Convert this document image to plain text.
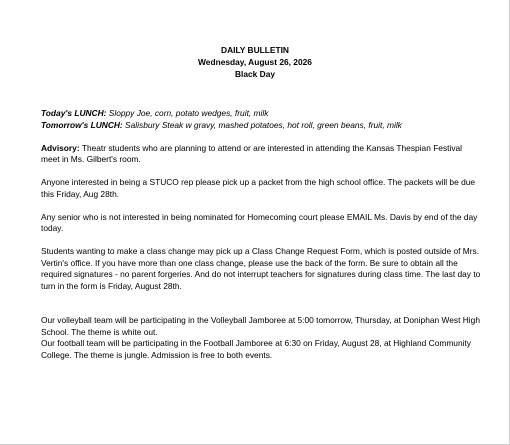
DAILY BULLETIN
Wednesday, August 26, 2026
Black Day

Today's LUNCH: Sloppy Joe, corn, potato wedges, fruit, milk

Tomorrow's LUNCH: Salisbury Steak w gravy, mashed potatoes, hot roll, green beans, fruit, milk

Advisory: Theatr students who are planning to attend or are interested in attending the Kansas Thespian Festival meet in Ms. Gilbert's room.

Anyone interested in being a STUCO rep please pick up a packet from the high school office. The packets will be due this Friday, Aug 28th.

Any senior who is not interested in being nominated for Homecoming court please EMAIL Ms. Davis by end of the day today.

Students wanting to make a class change may pick up a Class Change Request Form, which is posted outside of Mrs. Vertin's office. If you have more than one class change, please use the back of the form. Be sure to obtain all the required signatures - no parent forgeries. And do not interrupt teachers for signatures during class time. The last day to turn in the form is Friday, August 28th.

Our volleyball team will be participating in the Volleyball Jamboree at 5:00 tomorrow, Thursday, at Doniphan West High School. The theme is white out.

Our football team will be participating in the Football Jamboree at 6:30 on Friday, August 28, at Highland Community College. The theme is jungle. Admission is free to both events.
